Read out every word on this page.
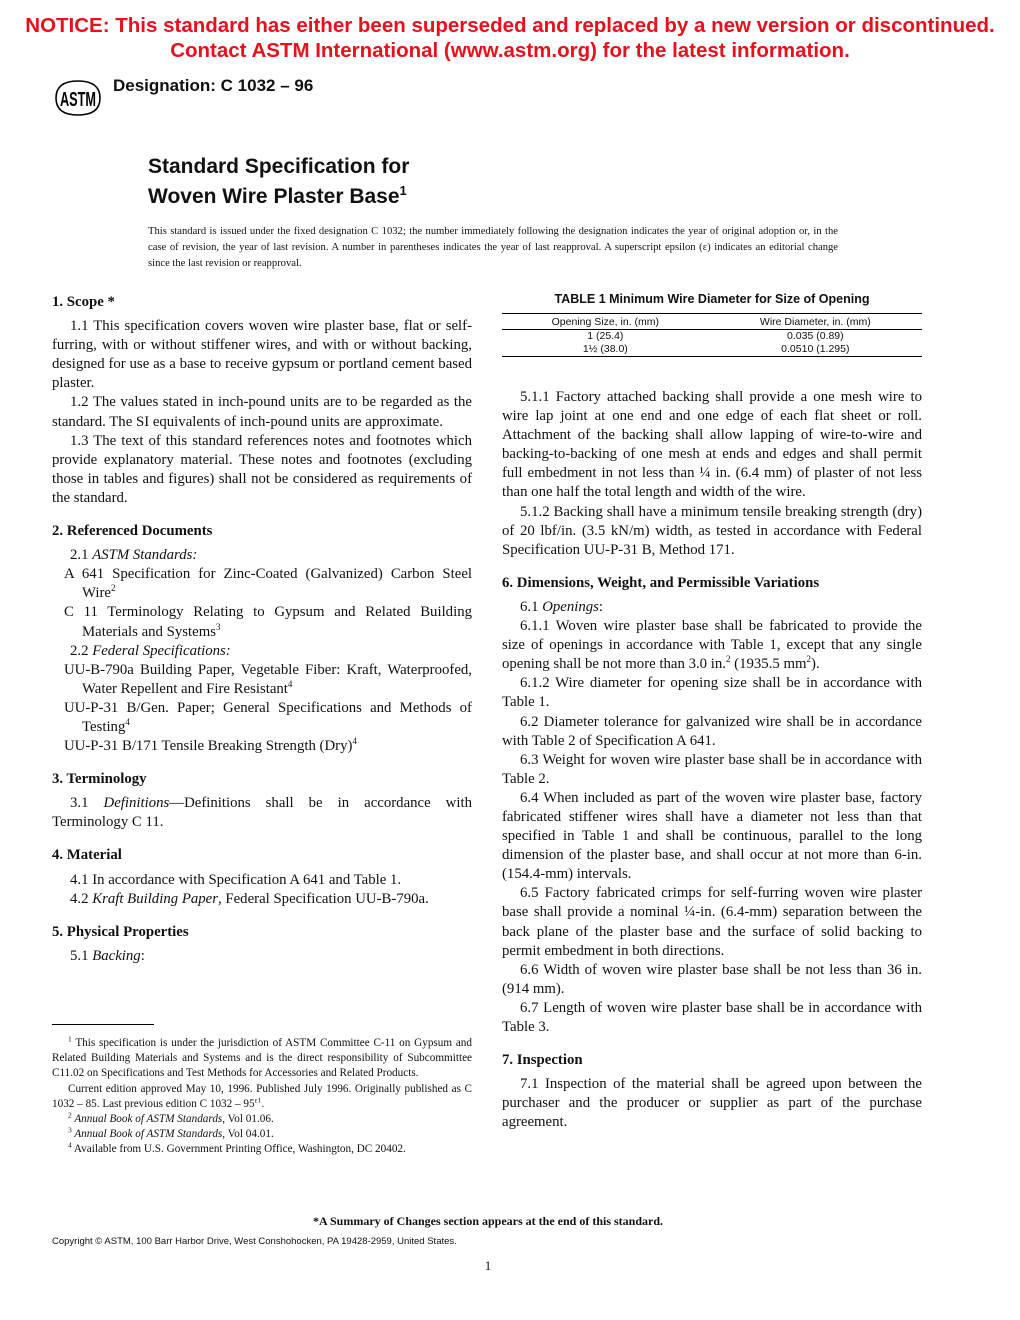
NOTICE: This standard has either been superseded and replaced by a new version or discontinued.
Contact ASTM International (www.astm.org) for the latest information.
ASTM
Designation: C 1032 – 96
Standard Specification for
Woven Wire Plaster Base$^1$
This standard is issued under the fixed designation C 1032; the number immediately following the designation indicates the year of original adoption or, in the case of revision, the year of last revision. A number in parentheses indicates the year of last reapproval. A superscript epsilon (ε) indicates an editorial change since the last revision or reapproval.
1. Scope *

1.1 This specification covers woven wire plaster base, flat or self-furring, with or without stiffener wires, and with or without backing, designed for use as a base to receive gypsum or portland cement based plaster.

1.2 The values stated in inch-pound units are to be regarded as the standard. The SI equivalents of inch-pound units are approximate.

1.3 The text of this standard references notes and footnotes which provide explanatory material. These notes and footnotes (excluding those in tables and figures) shall not be considered as requirements of the standard.

2. Referenced Documents

2.1 ASTM Standards:

A 641 Specification for Zinc-Coated (Galvanized) Carbon Steel Wire$^2$

C 11 Terminology Relating to Gypsum and Related Building Materials and Systems$^3$

2.2 Federal Specifications:

UU-B-790a Building Paper, Vegetable Fiber: Kraft, Waterproofed, Water Repellent and Fire Resistant$^4$

UU-P-31 B/Gen. Paper; General Specifications and Methods of Testing$^4$

UU-P-31 B/171 Tensile Breaking Strength (Dry)$^4$

3. Terminology

3.1 Definitions—Definitions shall be in accordance with Terminology C 11.

4. Material

4.1 In accordance with Specification A 641 and Table 1.

4.2 Kraft Building Paper, Federal Specification UU-B-790a.

5. Physical Properties

5.1 Backing:

TABLE 1 Minimum Wire Diameter for Size of Opening
Opening Size, in. (mm)	Wire Diameter, in. (mm)
1 (25.4)	0.035 (0.89)
1½ (38.0)	0.0510 (1.295)

5.1.1 Factory attached backing shall provide a one mesh wire to wire lap joint at one end and one edge of each flat sheet or roll. Attachment of the backing shall allow lapping of wire-to-wire and backing-to-backing of one mesh at ends and edges and shall permit full embedment in not less than ¼ in. (6.4 mm) of plaster of not less than one half the total length and width of the wire.

5.1.2 Backing shall have a minimum tensile breaking strength (dry) of 20 lbf/in. (3.5 kN/m) width, as tested in accordance with Federal Specification UU-P-31 B, Method 171.

6. Dimensions, Weight, and Permissible Variations

6.1 Openings:

6.1.1 Woven wire plaster base shall be fabricated to provide the size of openings in accordance with Table 1, except that any single opening shall be not more than 3.0 in.$^2$ (1935.5 $mm^2$).

6.1.2 Wire diameter for opening size shall be in accordance with Table 1.

6.2 Diameter tolerance for galvanized wire shall be in accordance with Table 2 of Specification A 641.

6.3 Weight for woven wire plaster base shall be in accordance with Table 2.

6.4 When included as part of the woven wire plaster base, factory fabricated stiffener wires shall have a diameter not less than that specified in Table 1 and shall be continuous, parallel to the long dimension of the plaster base, and shall occur at not more than 6-in. (154.4-mm) intervals.

6.5 Factory fabricated crimps for self-furring woven wire plaster base shall provide a nominal ¼-in. (6.4-mm) separation between the back plane of the plaster base and the surface of solid backing to permit embedment in both directions.

6.6 Width of woven wire plaster base shall be not less than 36 in. (914 mm).

6.7 Length of woven wire plaster base shall be in accordance with Table 3.

7. Inspection

7.1 Inspection of the material shall be agreed upon between the purchaser and the producer or supplier as part of the purchase agreement.

$^1$ This specification is under the jurisdiction of ASTM Committee C-11 on Gypsum and Related Building Materials and Systems and is the direct responsibility of Subcommittee C11.02 on Specifications and Test Methods for Accessories and Related Products.

Current edition approved May 10, 1996. Published July 1996. Originally published as C 1032 – 85. Last previous edition C $1032 - 95^{\varepsilon 1}$.

$^2$ Annual Book of ASTM Standards, Vol 01.06.

$^3$ Annual Book of ASTM Standards, Vol 04.01.

$^4$ Available from U.S. Government Printing Office, Washington, DC 20402.

*A Summary of Changes section appears at the end of this standard.
Copyright © ASTM, 100 Barr Harbor Drive, West Conshohocken, PA 19428-2959, United States.
1
